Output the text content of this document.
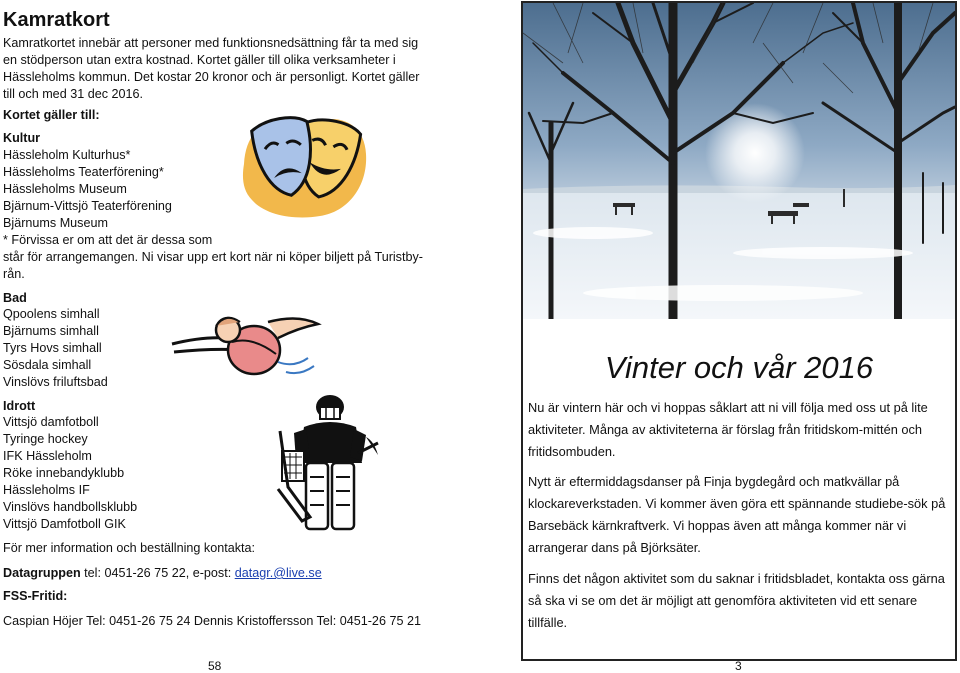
Kamratkort

Kamratkortet innebär att personer med funktionsnedsättning får ta med sig
en stödperson utan extra kostnad. Kortet gäller till olika verksamheter i
Hässleholms kommun. Det kostar 20 kronor och är personligt. Kortet gäller
till och med 31 dec 2016.

Kortet gäller till:
Kultur
Hässleholm Kulturhus*
Hässleholms Teaterförening*
Hässleholms Museum
Bjärnum-Vittsjö Teaterförening
Bjärnums Museum
* Förvissa er om att det är dessa som
står för arrangemangen. Ni visar upp ert kort när ni köper biljett på Turistby-
rån.
Bad
Qpoolens simhall
Bjärnums simhall
Tyrs Hovs simhall
Sösdala simhall
Vinslövs friluftsbad
Idrott
Vittsjö damfotboll
Tyringe hockey
IFK Hässleholm
Röke innebandyklubb
Hässleholms IF
Vinslövs handbollsklubb
Vittsjö Damfotboll GIK
För mer information och beställning kontakta:
Datagruppen tel: 0451-26 75 22, e-post: datagr.@live.se
FSS-Fritid:
Caspian Höjer Tel: 0451-26 75 24 Dennis Kristoffersson Tel: 0451-26 75 21
58
Vinter och vår 2016

Nu är vintern här och vi hoppas såklart att ni vill följa med oss ut på lite aktiviteter. Många av aktiviteterna är förslag från fritidskom-mittén och fritidsombuden.

Nytt är eftermiddagsdanser på Finja bygdegård och matkvällar på klockareverkstaden. Vi kommer även göra ett spännande studiebe-sök på Barsebäck kärnkraftverk. Vi hoppas även att många kommer när vi arrangerar dans på Björksäter.

Finns det någon aktivitet som du saknar i fritidsbladet, kontakta oss gärna så ska vi se om det är möjligt att genomföra aktiviteten vid ett senare tillfälle.

3
